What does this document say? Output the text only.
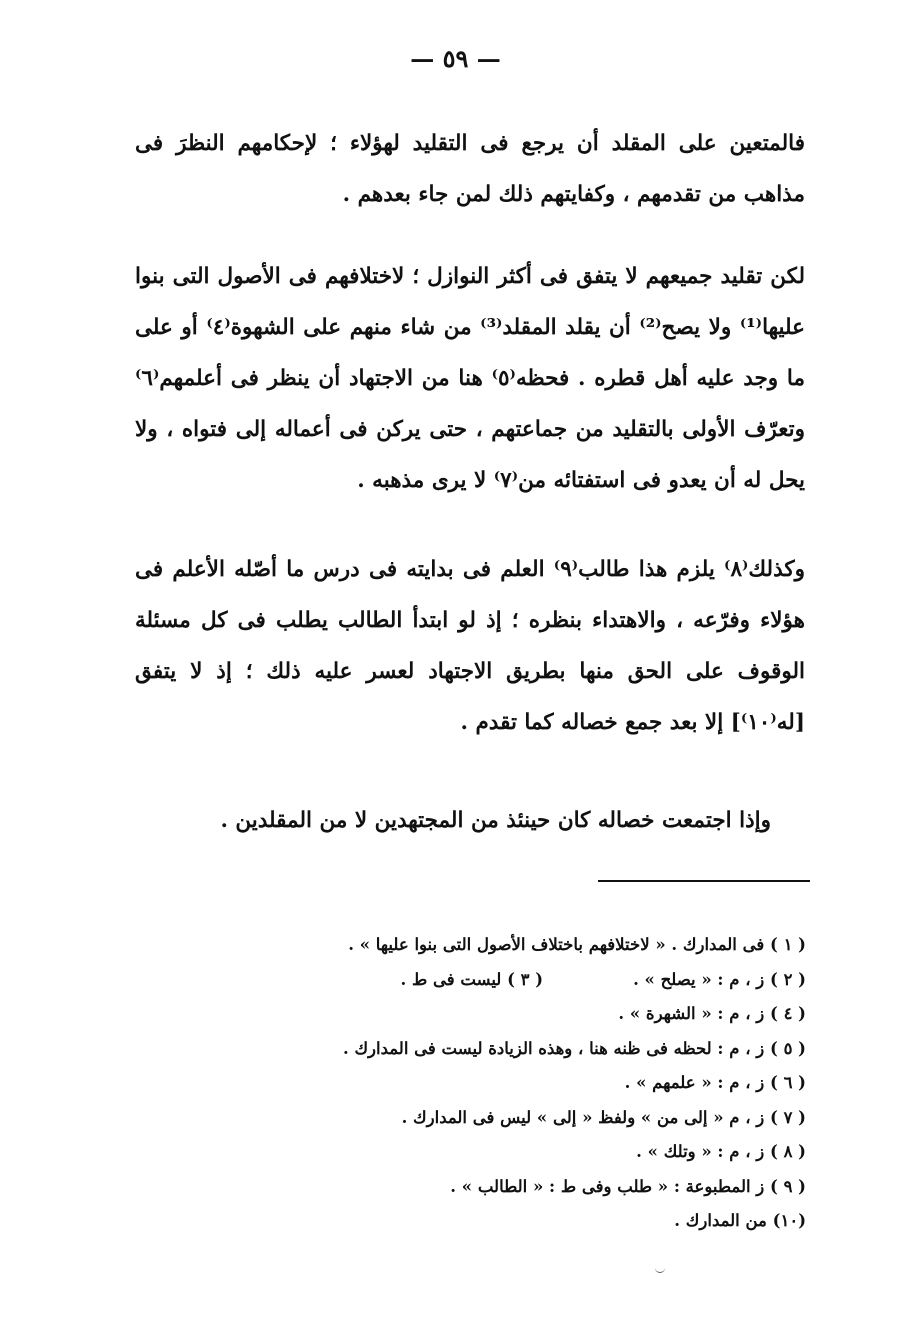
— ٥٩ —

فالمتعين على المقلد أن يرجع فى التقليد لهؤلاء ؛ لإحكامهم النظرَ فى مذاهب من تقدمهم ، وكفايتهم ذلك لمن جاء بعدهم .

لكن تقليد جميعهم لا يتفق فى أكثر النوازل ؛ لاختلافهم فى الأصول التى بنوا عليها⁽¹⁾ ولا يصح⁽²⁾ أن يقلد المقلد⁽³⁾ من شاء منهم على الشهوة⁽٤⁾ أو على ما وجد عليه أهل قطره . فحظه⁽٥⁾ هنا من الاجتهاد أن ينظر فى أعلمهم⁽٦⁾ وتعرّف الأولى بالتقليد من جماعتهم ، حتى يركن فى أعماله إلى فتواه ، ولا يحل له أن يعدو فى استفتائه من⁽٧⁾ لا يرى مذهبه .

وكذلك⁽٨⁾ يلزم هذا طالب⁽٩⁾ العلم فى بدايته فى درس ما أصّله الأعلم فى هؤلاء وفرّعه ، والاهتداء بنظره ؛ إذ لو ابتدأ الطالب يطلب فى كل مسئلة الوقوف على الحق منها بطريق الاجتهاد لعسر عليه ذلك ؛ إذ لا يتفق [له⁽١٠⁾] إلا بعد جمع خصاله كما تقدم .

وإذا اجتمعت خصاله كان حينئذ من المجتهدين لا من المقلدين .

( ١ ) فى المدارك . « لاختلافهم باختلاف الأصول التى بنوا عليها » .
( ٢ ) ز ، م : « يصلح » .( ٣ ) ليست فى ط .
( ٤ ) ز ، م : « الشهرة » .
( ٥ ) ز ، م : لحظه فى ظنه هنا ، وهذه الزيادة ليست فى المدارك .
( ٦ ) ز ، م : « علمهم » .
( ٧ ) ز ، م « إلى من » ولفظ « إلى » ليس فى المدارك .
( ٨ ) ز ، م : « وتلك » .
( ٩ ) ز المطبوعة : « طلب وفى ط : « الطالب » .
(١٠) من المدارك .
